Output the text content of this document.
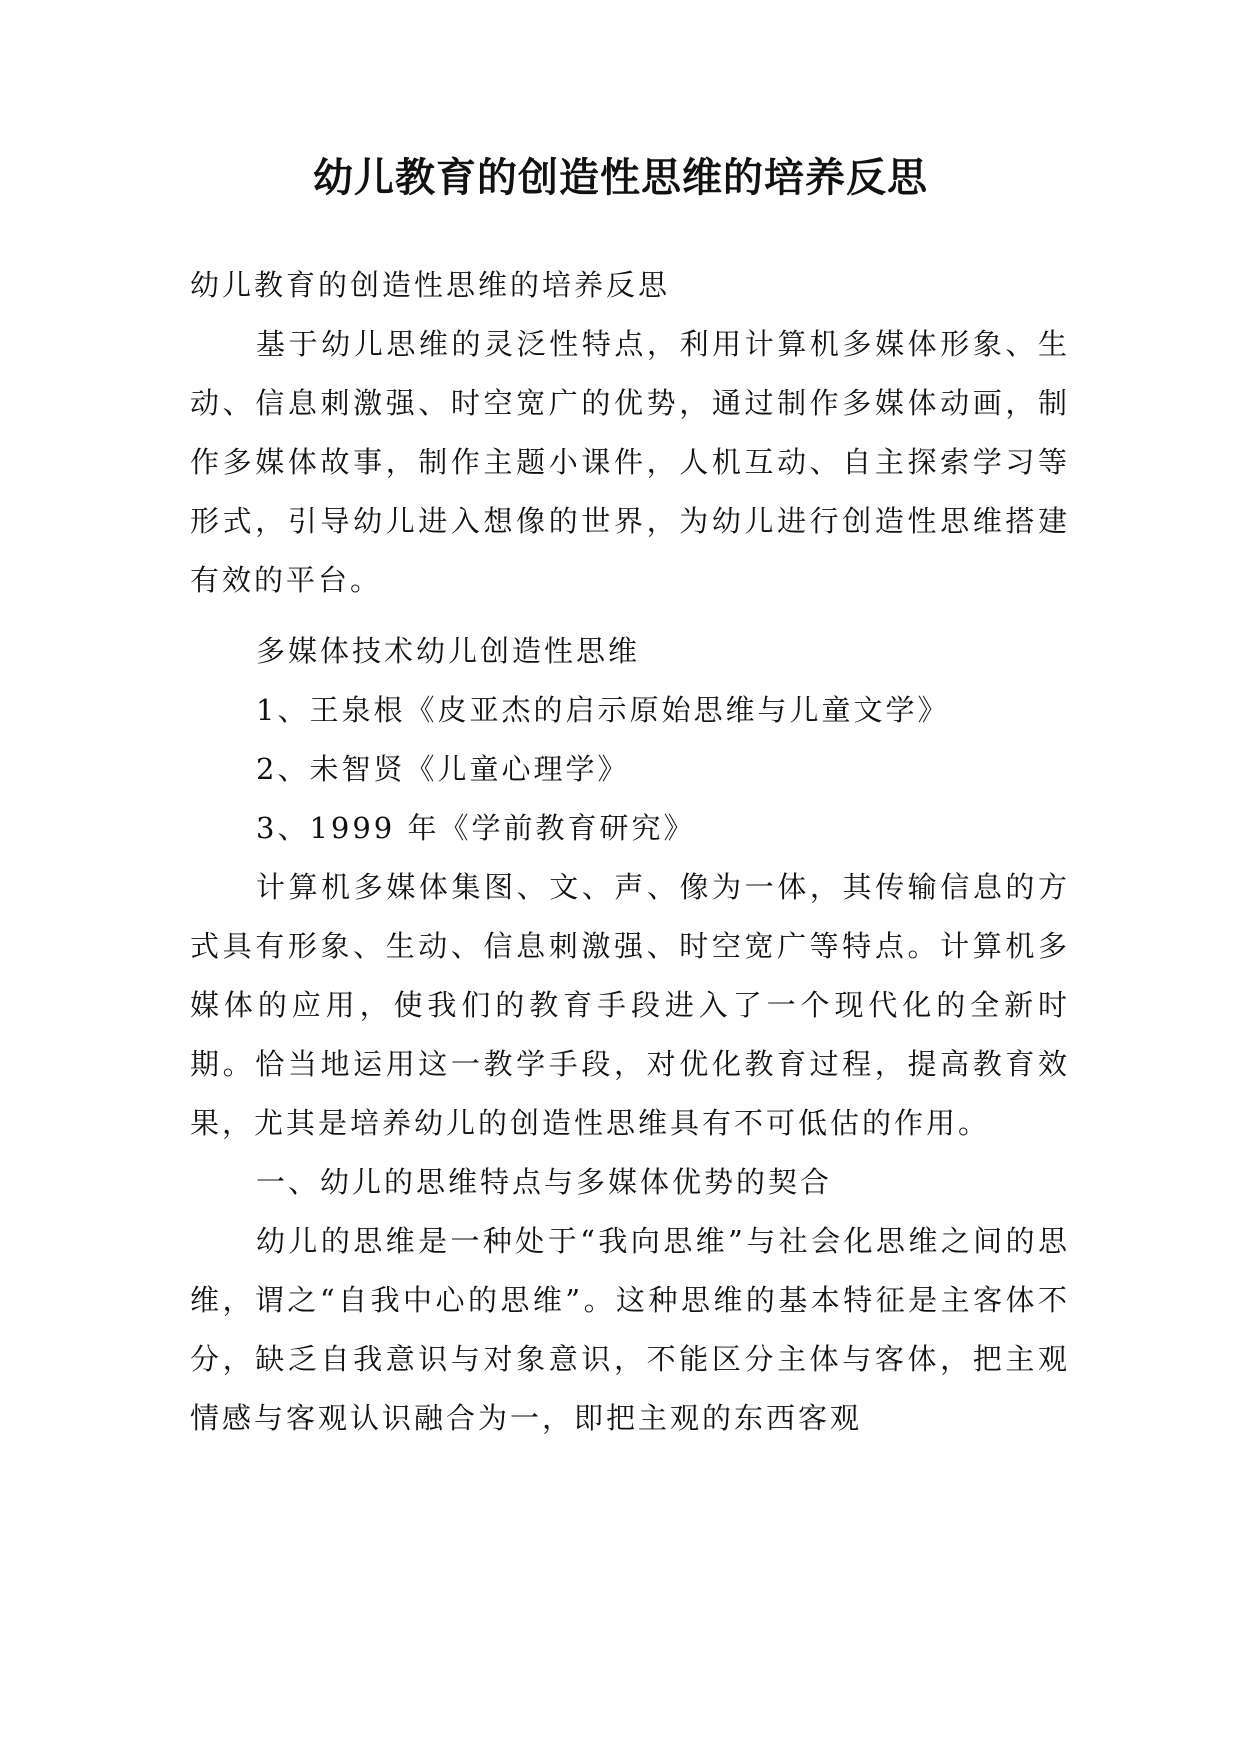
幼儿教育的创造性思维的培养反思

幼儿教育的创造性思维的培养反思

基于幼儿思维的灵泛性特点，利用计算机多媒体形象、生动、信息刺激强、时空宽广的优势，通过制作多媒体动画，制作多媒体故事，制作主题小课件，人机互动、自主探索学习等形式，引导幼儿进入想像的世界，为幼儿进行创造性思维搭建有效的平台。

多媒体技术幼儿创造性思维

1、王泉根《皮亚杰的启示原始思维与儿童文学》

2、未智贤《儿童心理学》

3、1999 年《学前教育研究》

计算机多媒体集图、文、声、像为一体，其传输信息的方式具有形象、生动、信息刺激强、时空宽广等特点。计算机多媒体的应用，使我们的教育手段进入了一个现代化的全新时期。恰当地运用这一教学手段，对优化教育过程，提高教育效果，尤其是培养幼儿的创造性思维具有不可低估的作用。

一、幼儿的思维特点与多媒体优势的契合

幼儿的思维是一种处于“我向思维”与社会化思维之间的思维，谓之“自我中心的思维”。这种思维的基本特征是主客体不分，缺乏自我意识与对象意识，不能区分主体与客体，把主观情感与客观认识融合为一，即把主观的东西客观
